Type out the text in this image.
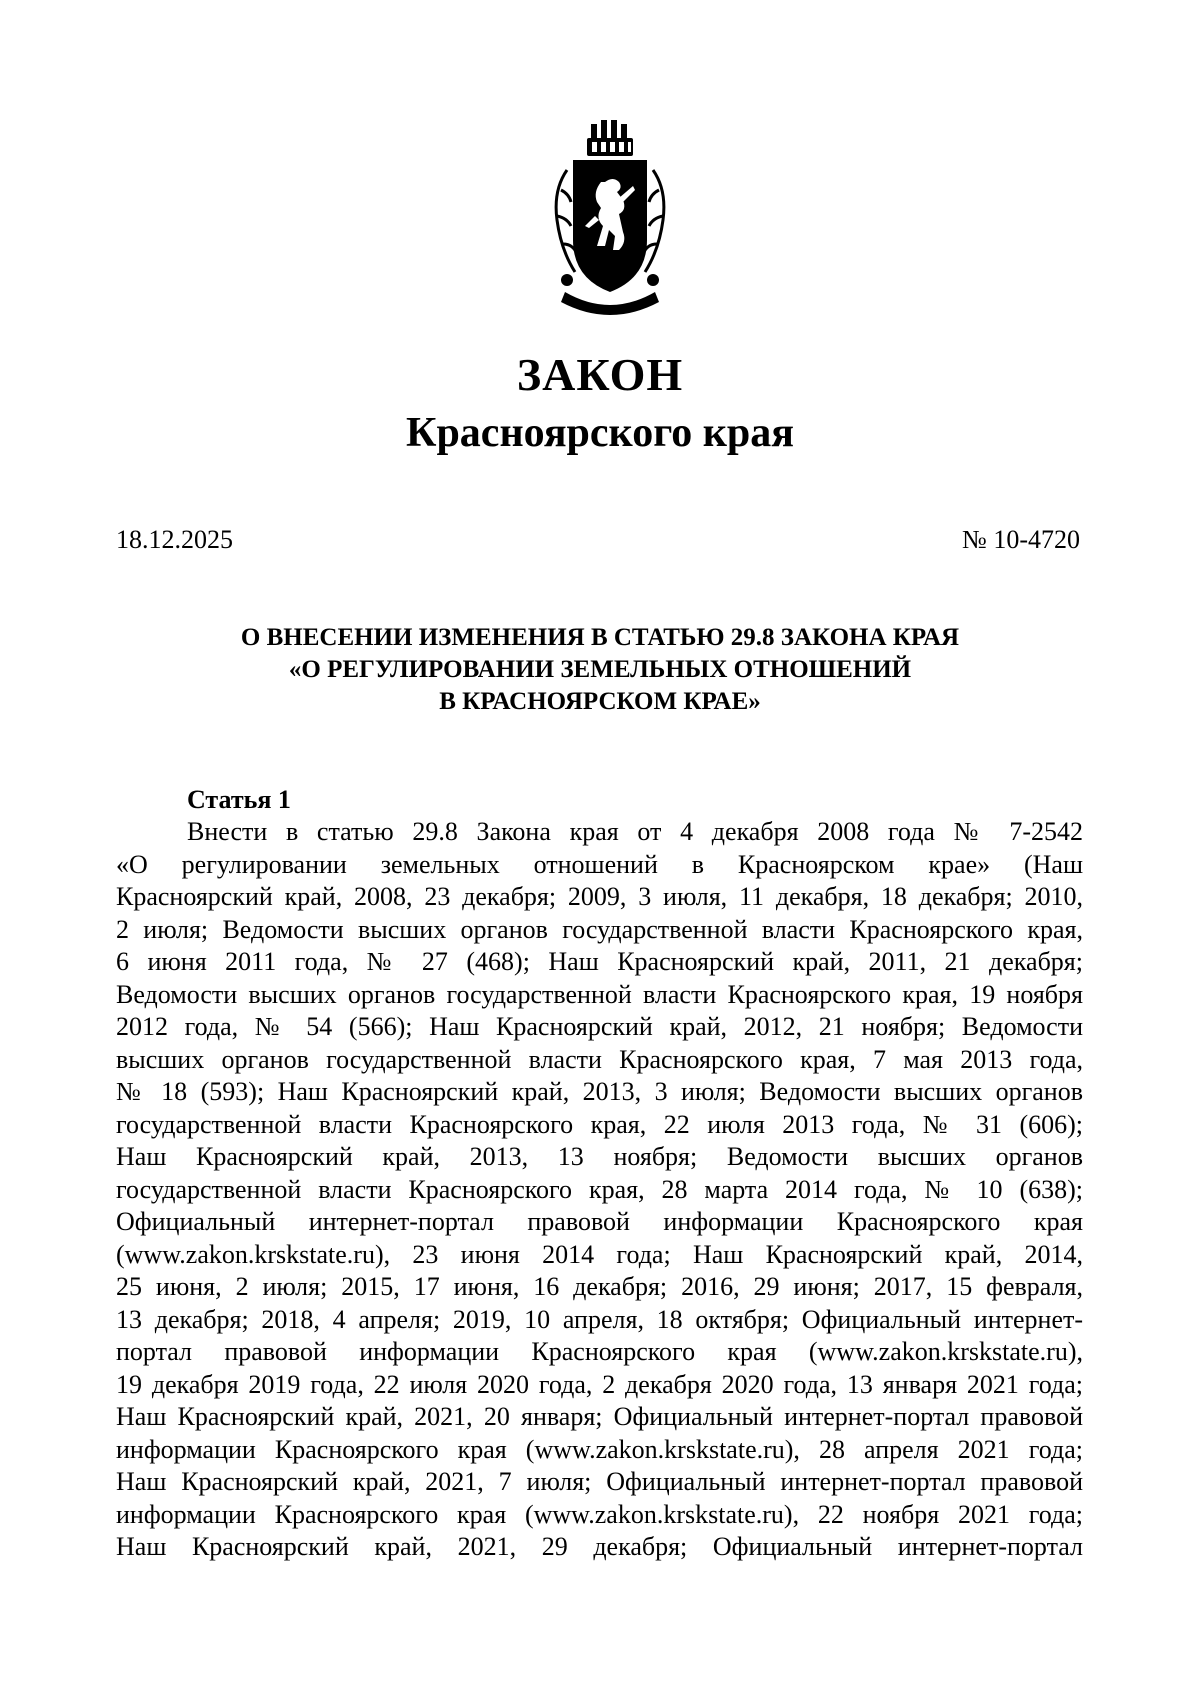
ЗАКОН
Красноярского края
18.12.2025	№ 10-4720
О ВНЕСЕНИИ ИЗМЕНЕНИЯ В СТАТЬЮ 29.8 ЗАКОНА КРАЯ
«О РЕГУЛИРОВАНИИ ЗЕМЕЛЬНЫХ ОТНОШЕНИЙ
В КРАСНОЯРСКОМ КРАЕ»
Статья 1
Внести в статью 29.8 Закона края от 4 декабря 2008 года № 7-2542
«О регулировании земельных отношений в Красноярском крае» (Наш
Красноярский край, 2008, 23 декабря; 2009, 3 июля, 11 декабря, 18 декабря; 2010,
2 июля; Ведомости высших органов государственной власти Красноярского края,
6 июня 2011 года, № 27 (468); Наш Красноярский край, 2011, 21 декабря;
Ведомости высших органов государственной власти Красноярского края, 19 ноября
2012 года, № 54 (566); Наш Красноярский край, 2012, 21 ноября; Ведомости
высших органов государственной власти Красноярского края, 7 мая 2013 года,
№ 18 (593); Наш Красноярский край, 2013, 3 июля; Ведомости высших органов
государственной власти Красноярского края, 22 июля 2013 года, № 31 (606);
Наш Красноярский край, 2013, 13 ноября; Ведомости высших органов
государственной власти Красноярского края, 28 марта 2014 года, № 10 (638);
Официальный интернет-портал правовой информации Красноярского края
(www.zakon.krskstate.ru), 23 июня 2014 года; Наш Красноярский край, 2014,
25 июня, 2 июля; 2015, 17 июня, 16 декабря; 2016, 29 июня; 2017, 15 февраля,
13 декабря; 2018, 4 апреля; 2019, 10 апреля, 18 октября; Официальный интернет-
портал правовой информации Красноярского края (www.zakon.krskstate.ru),
19 декабря 2019 года, 22 июля 2020 года, 2 декабря 2020 года, 13 января 2021 года;
Наш Красноярский край, 2021, 20 января; Официальный интернет-портал правовой
информации Красноярского края (www.zakon.krskstate.ru), 28 апреля 2021 года;
Наш Красноярский край, 2021, 7 июля; Официальный интернет-портал правовой
информации Красноярского края (www.zakon.krskstate.ru), 22 ноября 2021 года;
Наш Красноярский край, 2021, 29 декабря; Официальный интернет-портал
